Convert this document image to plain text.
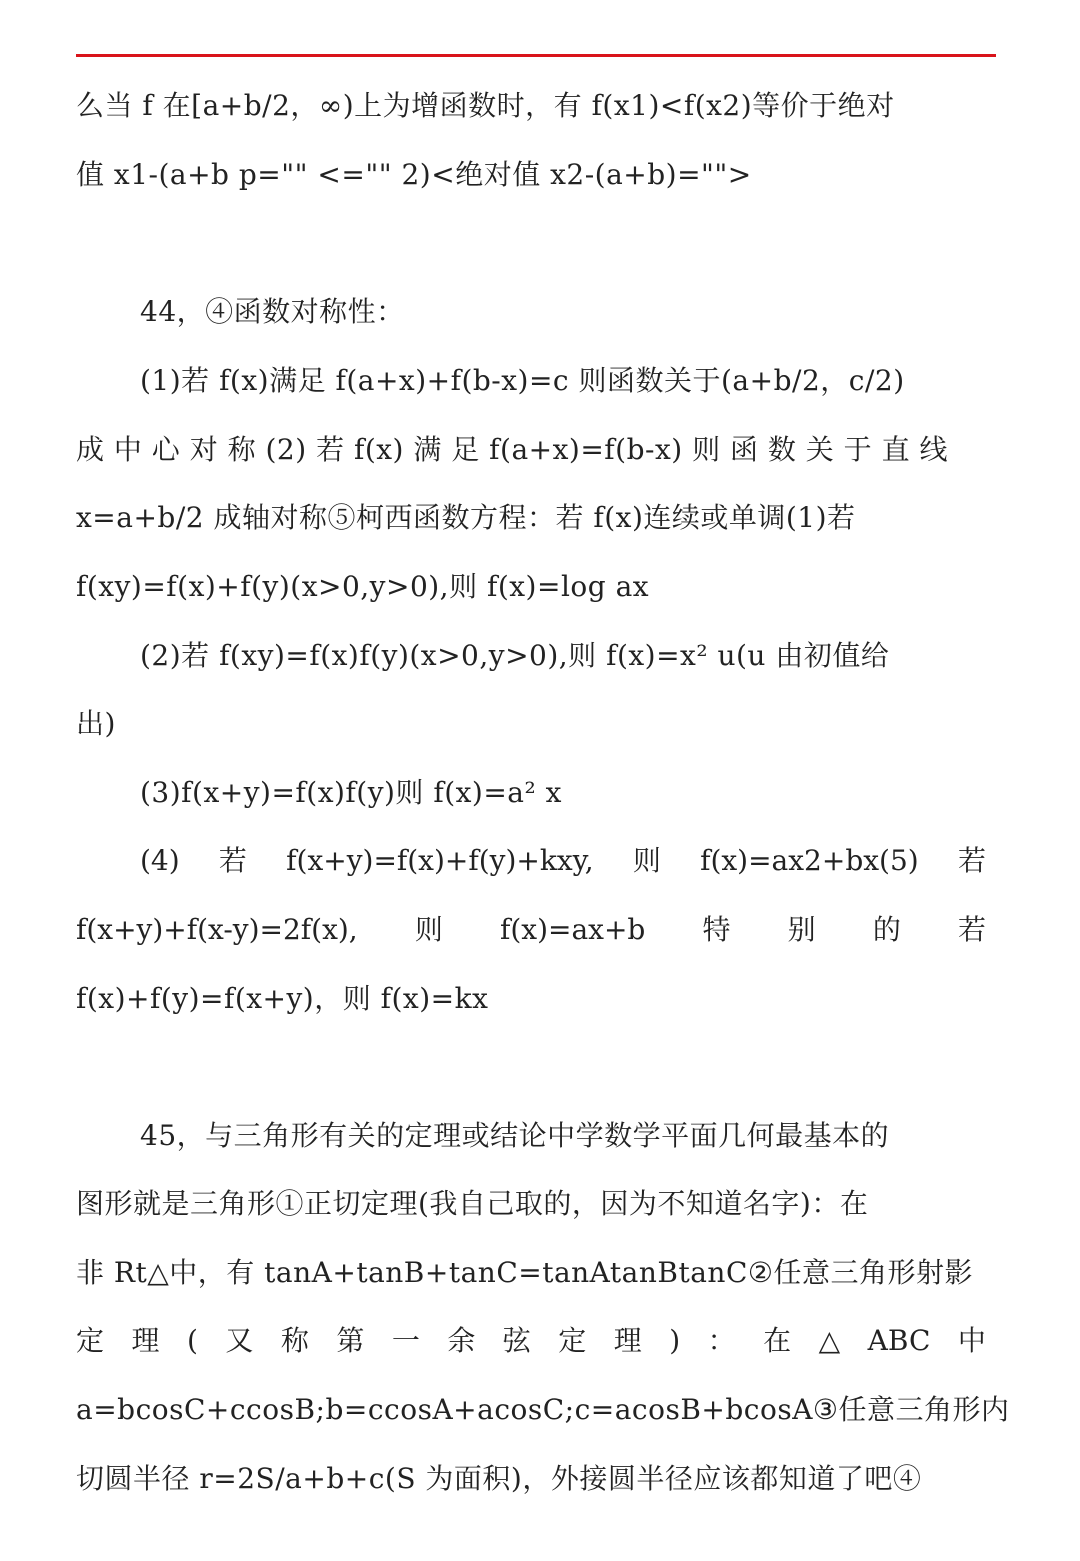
么当 f 在[a+b/2，∞)上为增函数时，有 f(x1)<f(x2)等价于绝对
值 x1-(a+b p="" <="" 2)<绝对值 x2-(a+b)="">
44，④函数对称性：
(1)若 f(x)满足 f(a+x)+f(b-x)=c 则函数关于(a+b/2，c/2)
成 中 心 对 称 (2) 若 f(x) 满 足 f(a+x)=f(b-x) 则 函 数 关 于 直 线
x=a+b/2 成轴对称⑤柯西函数方程：若 f(x)连续或单调(1)若
f(xy)=f(x)+f(y)(x>0,y>0),则 f(x)=log ax
(2)若 f(xy)=f(x)f(y)(x>0,y>0),则 f(x)=x² u(u 由初值给
出)
(3)f(x+y)=f(x)f(y)则 f(x)=a² x
(4) 若 f(x+y)=f(x)+f(y)+kxy, 则 f(x)=ax2+bx(5) 若
f(x+y)+f(x-y)=2f(x), 则 f(x)=ax+b 特 别 的 若
f(x)+f(y)=f(x+y)，则 f(x)=kx
45，与三角形有关的定理或结论中学数学平面几何最基本的
图形就是三角形①正切定理(我自己取的，因为不知道名字)：在
非 Rt△中，有 tanA+tanB+tanC=tanAtanBtanC②任意三角形射影
定 理 ( 又 称 第 一 余 弦 定 理 ) ： 在 △ ABC 中
a=bcosC+ccosB;b=ccosA+acosC;c=acosB+bcosA③任意三角形内
切圆半径 r=2S/a+b+c(S 为面积)，外接圆半径应该都知道了吧④
